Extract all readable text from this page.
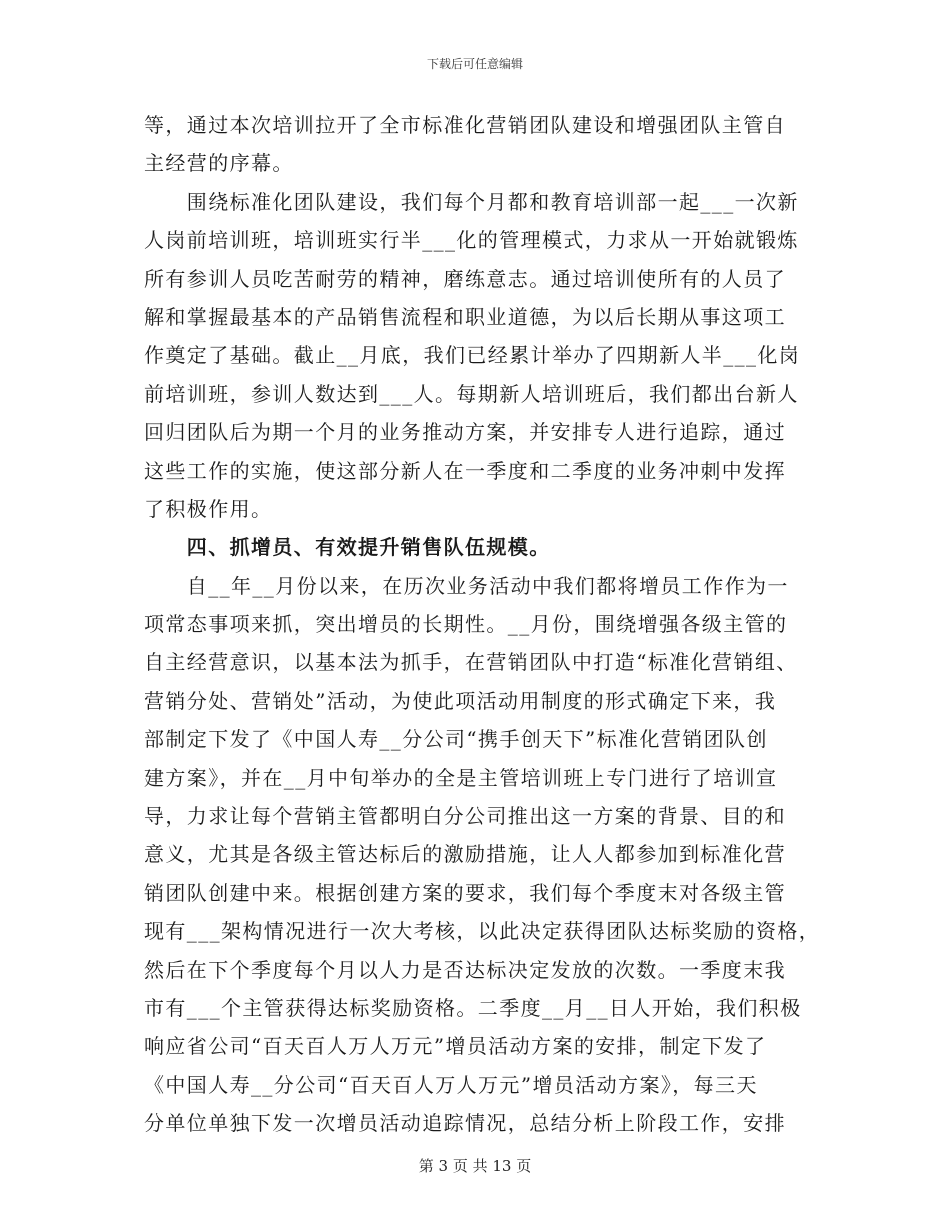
下载后可任意编辑
等，通过本次培训拉开了全市标准化营销团队建设和增强团队主管自
主经营的序幕。
　　围绕标准化团队建设，我们每个月都和教育培训部一起___一次新
人岗前培训班，培训班实行半___化的管理模式，力求从一开始就锻炼
所有参训人员吃苦耐劳的精神，磨练意志。通过培训使所有的人员了
解和掌握最基本的产品销售流程和职业道德，为以后长期从事这项工
作奠定了基础。截止__月底，我们已经累计举办了四期新人半___化岗
前培训班，参训人数达到___人。每期新人培训班后，我们都出台新人
回归团队后为期一个月的业务推动方案，并安排专人进行追踪，通过
这些工作的实施，使这部分新人在一季度和二季度的业务冲刺中发挥
了积极作用。
　　四、抓增员、有效提升销售队伍规模。
　　自__年__月份以来，在历次业务活动中我们都将增员工作作为一
项常态事项来抓，突出增员的长期性。__月份，围绕增强各级主管的
自主经营意识，以基本法为抓手，在营销团队中打造“标准化营销组、
营销分处、营销处”活动，为使此项活动用制度的形式确定下来，我
部制定下发了《中国人寿__分公司“携手创天下”标准化营销团队创
建方案》，并在__月中旬举办的全是主管培训班上专门进行了培训宣
导，力求让每个营销主管都明白分公司推出这一方案的背景、目的和
意义，尤其是各级主管达标后的激励措施，让人人都参加到标准化营
销团队创建中来。根据创建方案的要求，我们每个季度末对各级主管
现有___架构情况进行一次大考核，以此决定获得团队达标奖励的资格，
然后在下个季度每个月以人力是否达标决定发放的次数。一季度末我
市有___个主管获得达标奖励资格。二季度__月__日人开始，我们积极
响应省公司“百天百人万人万元”增员活动方案的安排，制定下发了
《中国人寿__分公司“百天百人万人万元”增员活动方案》，每三天
分单位单独下发一次增员活动追踪情况，总结分析上阶段工作，安排
第 3 页 共 13 页
